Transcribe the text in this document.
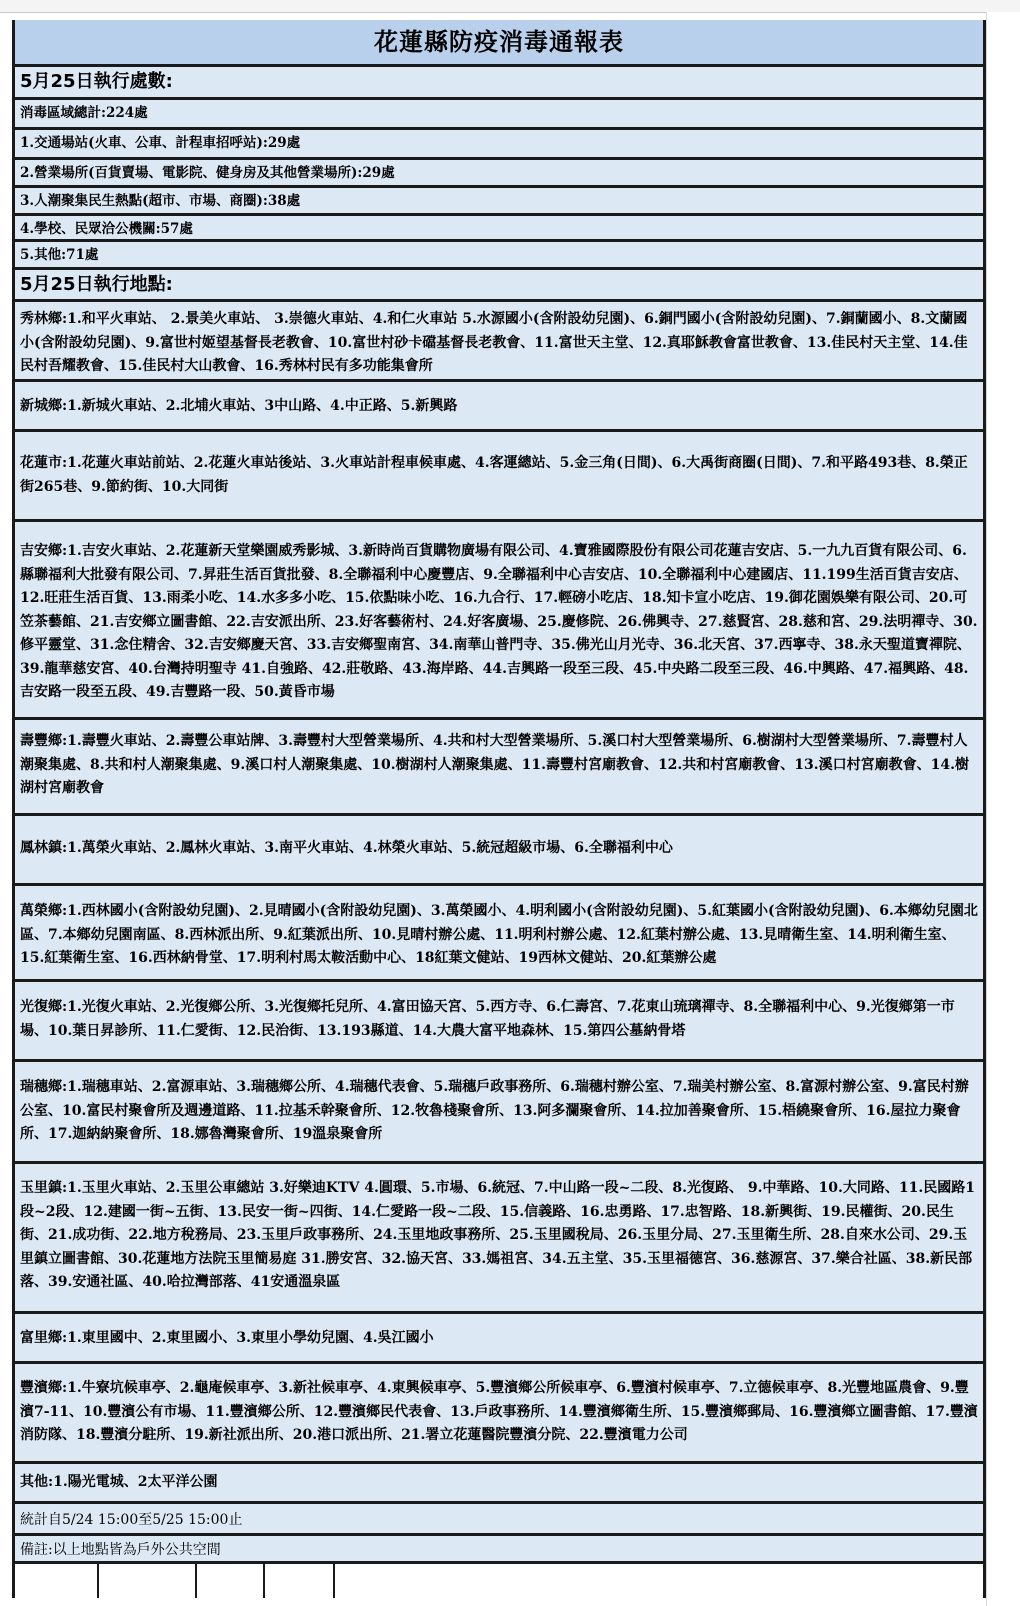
花蓮縣防疫消毒通報表
5月25日執行處數:
消毒區域總計:224處
1.交通場站(火車、公車、計程車招呼站):29處
2.營業場所(百貨賣場、電影院、健身房及其他營業場所):29處
3.人潮聚集民生熱點(超市、市場、商圈):38處
4.學校、民眾洽公機關:57處
5.其他:71處
5月25日執行地點:
秀林鄉:1.和平火車站、 2.景美火車站、 3.崇德火車站、4.和仁火車站 5.水源國小(含附設幼兒園)、6.銅門國小(含附設幼兒園)、7.銅蘭國小、8.文蘭國小(含附設幼兒園)、9.富世村姬望基督長老教會、10.富世村砂卡礑基督長老教會、11.富世天主堂、12.真耶穌教會富世教會、13.佳民村天主堂、14.佳民村吾耀教會、15.佳民村大山教會、16.秀林村民有多功能集會所
新城鄉:1.新城火車站、2.北埔火車站、3中山路、4.中正路、5.新興路
花蓮市:1.花蓮火車站前站、2.花蓮火車站後站、3.火車站計程車候車處、4.客運總站、5.金三角(日間)、6.大禹街商圈(日間)、7.和平路493巷、8.榮正街265巷、9.節約街、10.大同街
吉安鄉:1.吉安火車站、2.花蓮新天堂樂園威秀影城、3.新時尚百貨購物廣場有限公司、4.寶雅國際股份有限公司花蓮吉安店、5.一九九百貨有限公司、6.縣聯福利大批發有限公司、7.昇莊生活百貨批發、8.全聯福利中心慶豐店、9.全聯福利中心吉安店、10.全聯福利中心建國店、11.199生活百貨吉安店、12.旺莊生活百貨、13.雨柔小吃、14.水多多小吃、15.依點味小吃、16.九合行、17.輕磅小吃店、18.知卡宣小吃店、19.御花園娛樂有限公司、20.可笠茶藝館、21.吉安鄉立圖書館、22.吉安派出所、23.好客藝術村、24.好客廣場、25.慶修院、26.佛興寺、27.慈賢宮、28.慈和宮、29.法明禪寺、30.修平靈堂、31.念住精舍、32.吉安鄉慶天宮、33.吉安鄉聖南宮、34.南華山普門寺、35.佛光山月光寺、36.北天宮、37.西寧寺、38.永天聖道寶禪院、39.龍華慈安宮、40.台灣持明聖寺 41.自強路、42.莊敬路、43.海岸路、44.吉興路一段至三段、45.中央路二段至三段、46.中興路、47.福興路、48.吉安路一段至五段、49.吉豐路一段、50.黃昏市場
壽豐鄉:1.壽豐火車站、2.壽豐公車站牌、3.壽豐村大型營業場所、4.共和村大型營業場所、5.溪口村大型營業場所、6.樹湖村大型營業場所、7.壽豐村人潮聚集處、8.共和村人潮聚集處、9.溪口村人潮聚集處、10.樹湖村人潮聚集處、11.壽豐村宮廟教會、12.共和村宮廟教會、13.溪口村宮廟教會、14.樹湖村宮廟教會
鳳林鎮:1.萬榮火車站、2.鳳林火車站、3.南平火車站、4.林榮火車站、5.統冠超級市場、6.全聯福利中心
萬榮鄉:1.西林國小(含附設幼兒園)、2.見晴國小(含附設幼兒園)、3.萬榮國小、4.明利國小(含附設幼兒園)、5.紅葉國小(含附設幼兒園)、6.本鄉幼兒園北區、7.本鄉幼兒園南區、8.西林派出所、9.紅葉派出所、10.見晴村辦公處、11.明利村辦公處、12.紅葉村辦公處、13.見晴衛生室、14.明利衛生室、15.紅葉衛生室、16.西林納骨堂、17.明利村馬太鞍活動中心、18紅葉文健站、19西林文健站、20.紅葉辦公處
光復鄉:1.光復火車站、2.光復鄉公所、3.光復鄉托兒所、4.富田協天宮、5.西方寺、6.仁壽宮、7.花東山琉璃禪寺、8.全聯福利中心、9.光復鄉第一市場、10.葉日昇診所、11.仁愛街、12.民治街、13.193縣道、14.大農大富平地森林、15.第四公墓納骨塔
瑞穗鄉:1.瑞穗車站、2.富源車站、3.瑞穗鄉公所、4.瑞穗代表會、5.瑞穗戶政事務所、6.瑞穗村辦公室、7.瑞美村辦公室、8.富源村辦公室、9.富民村辦公室、10.富民村聚會所及週邊道路、11.拉基禾幹聚會所、12.牧魯棧聚會所、13.阿多瀾聚會所、14.拉加善聚會所、15.梧繞聚會所、16.屋拉力聚會所、17.迦納納聚會所、18.娜魯灣聚會所、19溫泉聚會所
玉里鎮:1.玉里火車站、2.玉里公車總站 3.好樂迪KTV 4.圓環、5.市場、6.統冠、7.中山路一段~二段、8.光復路、 9.中華路、10.大同路、11.民國路1段~2段、12.建國一街~五街、13.民安一街~四街、14.仁愛路一段~二段、15.信義路、16.忠勇路、17.忠智路、18.新興街、19.民權街、20.民生街、21.成功街、22.地方稅務局、23.玉里戶政事務所、24.玉里地政事務所、25.玉里國稅局、26.玉里分局、27.玉里衛生所、28.自來水公司、29.玉里鎮立圖書館、30.花蓮地方法院玉里簡易庭 31.勝安宮、32.協天宮、33.媽祖宮、34.五主堂、35.玉里福德宮、36.慈源宮、37.樂合社區、38.新民部落、39.安通社區、40.哈拉灣部落、41安通溫泉區
富里鄉:1.東里國中、2.東里國小、3.東里小學幼兒園、4.吳江國小
豐濱鄉:1.牛寮坑候車亭、2.龜庵候車亭、3.新社候車亭、4.東興候車亭、5.豐濱鄉公所候車亭、6.豐濱村候車亭、7.立德候車亭、8.光豐地區農會、9.豐濱7-11、10.豐濱公有市場、11.豐濱鄉公所、12.豐濱鄉民代表會、13.戶政事務所、14.豐濱鄉衛生所、15.豐濱鄉郵局、16.豐濱鄉立圖書館、17.豐濱消防隊、18.豐濱分駐所、19.新社派出所、20.港口派出所、21.署立花蓮醫院豐濱分院、22.豐濱電力公司
其他:1.陽光電城、2太平洋公園
統計自5/24 15:00至5/25 15:00止
備註:以上地點皆為戶外公共空間
